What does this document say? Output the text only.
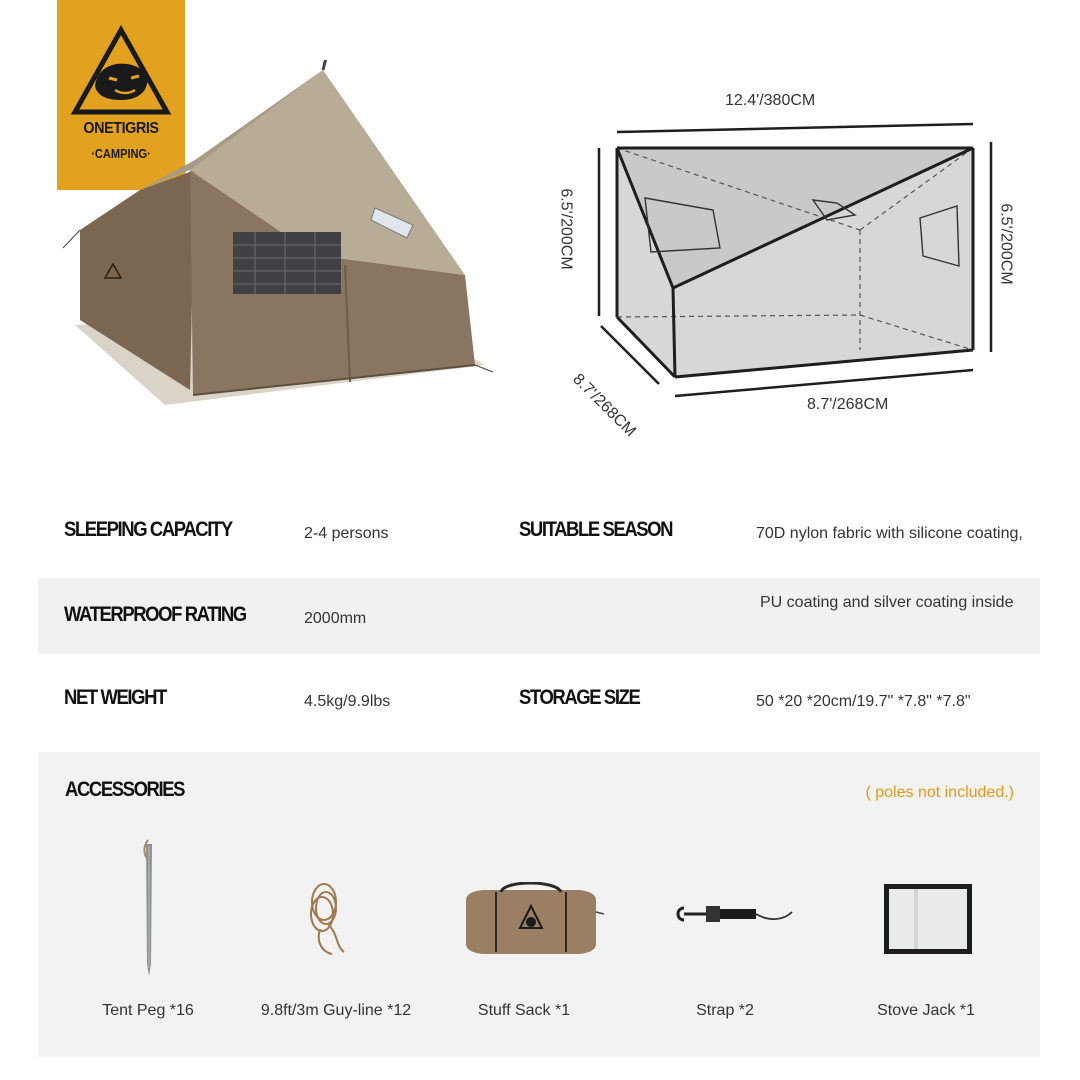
ONETIGRIS
·CAMPING·
12.4'/380CM
6.5'/200CM	6.5'/200CM
8.7'/268CM	8.7'/268CM
SLEEPING CAPACITY	2-4 persons	SUITABLE SEASON	70D nylon fabric with silicone coating,
WATERPROOF RATING	2000mm
PU coating and silver coating inside
NET WEIGHT	4.5kg/9.9lbs	STORAGE SIZE	50 *20 *20cm/19.7" *7.8" *7.8"
ACCESSORIES	( poles not included.)
Tent Peg *16	9.8ft/3m Guy-line *12	Stuff Sack *1	Strap *2	Stove Jack *1
